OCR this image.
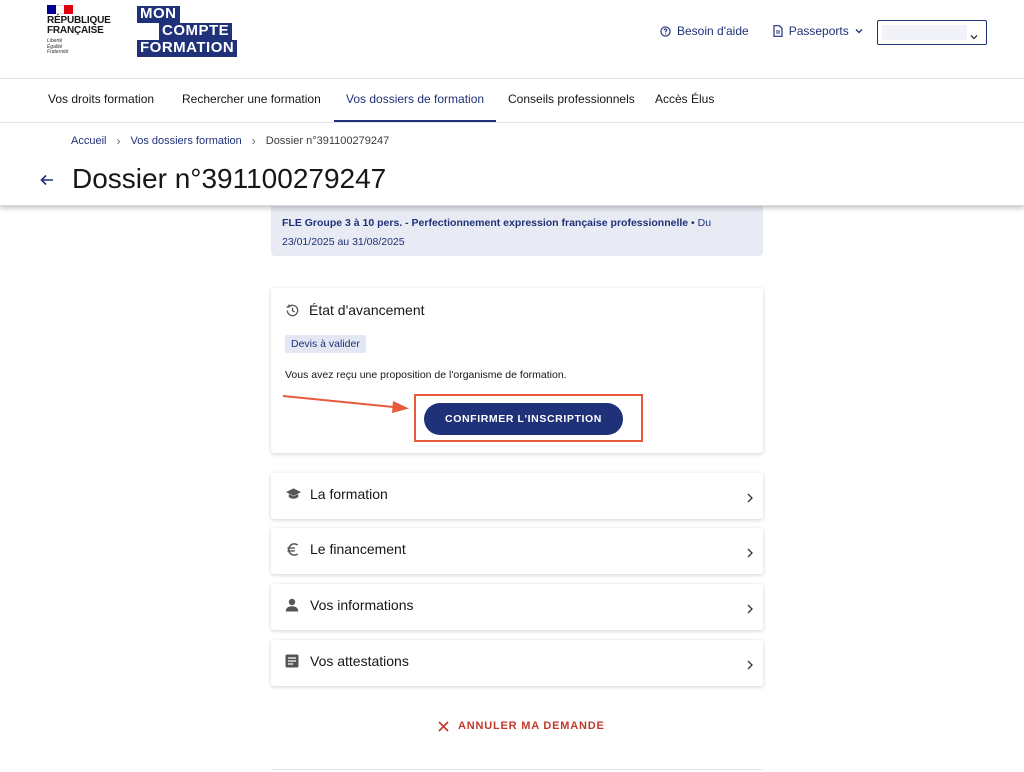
RÉPUBLIQUE
FRANÇAISE
Liberté
Égalité
Fraternité
MON
COMPTE
FORMATION
Besoin d'aide	Passeports
Vos droits formation	Rechercher une formation	Vos dossiers de formation	Conseils professionnels	Accès Élus
Accueil › Vos dossiers formation › Dossier n°391100279247
FLE Groupe 3 à 10 pers. - Perfectionnement expression française professionnelle • Du
23/01/2025 au 31/08/2025
Dossier n°391100279247
État d'avancement
Devis à valider
Vous avez reçu une proposition de l'organisme de formation.
CONFIRMER L'INSCRIPTION
La formation
Le financement
Vos informations
Vos attestations
ANNULER MA DEMANDE
